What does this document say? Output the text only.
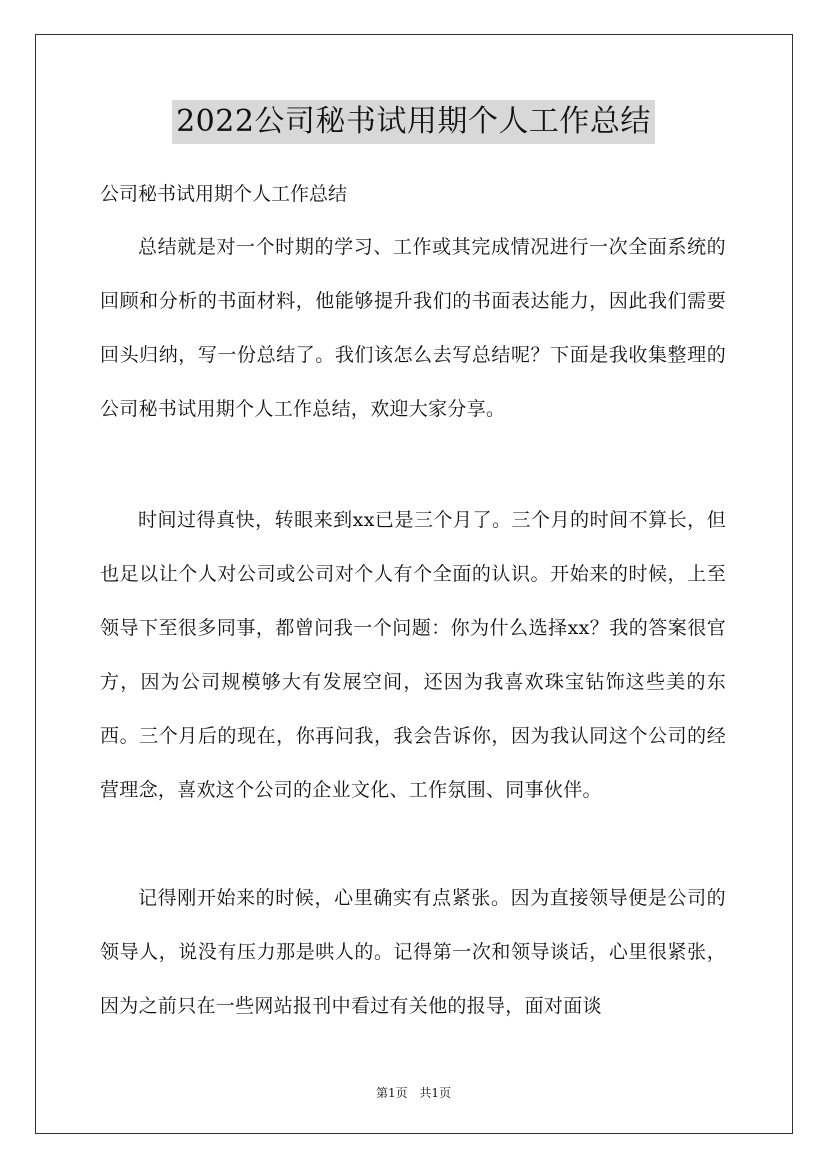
2022公司秘书试用期个人工作总结

公司秘书试用期个人工作总结

总结就是对一个时期的学习、工作或其完成情况进行一次全面系统的回顾和分析的书面材料，他能够提升我们的书面表达能力，因此我们需要回头归纳，写一份总结了。我们该怎么去写总结呢？下面是我收集整理的公司秘书试用期个人工作总结，欢迎大家分享。

时间过得真快，转眼来到xx已是三个月了。三个月的时间不算长，但也足以让个人对公司或公司对个人有个全面的认识。开始来的时候，上至领导下至很多同事，都曾问我一个问题：你为什么选择xx？我的答案很官方，因为公司规模够大有发展空间，还因为我喜欢珠宝钻饰这些美的东西。三个月后的现在，你再问我，我会告诉你，因为我认同这个公司的经营理念，喜欢这个公司的企业文化、工作氛围、同事伙伴。

记得刚开始来的时候，心里确实有点紧张。因为直接领导便是公司的领导人，说没有压力那是哄人的。记得第一次和领导谈话，心里很紧张，因为之前只在一些网站报刊中看过有关他的报导，面对面谈

第1页 共1页
